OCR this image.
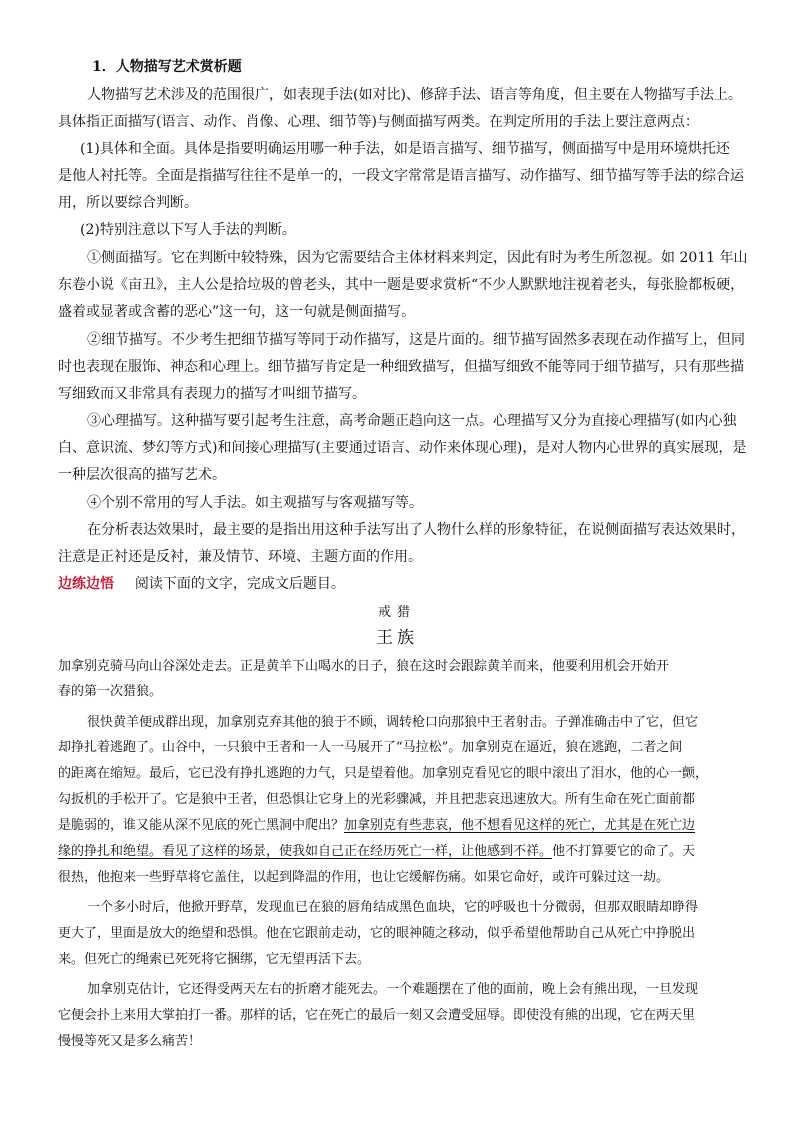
1．人物描写艺术赏析题
人物描写艺术涉及的范围很广，如表现手法(如对比)、修辞手法、语言等角度，但主要在人物描写手法上。
具体指正面描写(语言、动作、肖像、心理、细节等)与侧面描写两类。在判定所用的手法上要注意两点：
(1)具体和全面。具体是指要明确运用哪一种手法，如是语言描写、细节描写，侧面描写中是用环境烘托还
是他人衬托等。全面是指描写往往不是单一的，一段文字常常是语言描写、动作描写、细节描写等手法的综合运
用，所以要综合判断。
(2)特别注意以下写人手法的判断。
①侧面描写。它在判断中较特殊，因为它需要结合主体材料来判定，因此有时为考生所忽视。如 2011 年山
东卷小说《亩丑》，主人公是拾垃圾的曾老头，其中一题是要求赏析“不少人默默地注视着老头，每张脸都板硬，
盛着或显著或含蓄的恶心”这一句，这一句就是侧面描写。
②细节描写。不少考生把细节描写等同于动作描写，这是片面的。细节描写固然多表现在动作描写上，但同
时也表现在服饰、神态和心理上。细节描写肯定是一种细致描写，但描写细致不能等同于细节描写，只有那些描
写细致而又非常具有表现力的描写才叫细节描写。
③心理描写。这种描写要引起考生注意，高考命题正趋向这一点。心理描写又分为直接心理描写(如内心独
白、意识流、梦幻等方式)和间接心理描写(主要通过语言、动作来体现心理)，是对人物内心世界的真实展现，是
一种层次很高的描写艺术。
④个别不常用的写人手法。如主观描写与客观描写等。
在分析表达效果时，最主要的是指出用这种手法写出了人物什么样的形象特征，在说侧面描写表达效果时，
注意是正衬还是反衬，兼及情节、环境、主题方面的作用。
边练边悟 阅读下面的文字，完成文后题目。
戒猎
王族
加拿别克骑马向山谷深处走去。正是黄羊下山喝水的日子，狼在这时会跟踪黄羊而来，他要利用机会开始开
春的第一次猎狼。
很快黄羊便成群出现，加拿别克弃其他的狼于不顾，调转枪口向那狼中王者射击。子弹准确击中了它，但它
却挣扎着逃跑了。山谷中，一只狼中王者和一人一马展开了“马拉松”。加拿别克在逼近，狼在逃跑，二者之间
的距离在缩短。最后，它已没有挣扎逃跑的力气，只是望着他。加拿别克看见它的眼中滚出了泪水，他的心一颤，
勾扳机的手松开了。它是狼中王者，但恐惧让它身上的光彩骤减，并且把悲哀迅速放大。所有生命在死亡面前都
是脆弱的，谁又能从深不见底的死亡黑洞中爬出？加拿别克有些悲哀，他不想看见这样的死亡，尤其是在死亡边
缘的挣扎和绝望。看见了这样的场景，使我如自己正在经历死亡一样，让他感到不祥。他不打算要它的命了。天
很热，他抱来一些野草将它盖住，以起到降温的作用，也让它缓解伤痛。如果它命好，或许可躲过这一劫。
一个多小时后，他掀开野草，发现血已在狼的唇角结成黑色血块，它的呼吸也十分微弱，但那双眼睛却睁得
更大了，里面是放大的绝望和恐惧。他在它跟前走动，它的眼神随之移动，似乎希望他帮助自己从死亡中挣脱出
来。但死亡的绳索已死死将它捆绑，它无望再活下去。
加拿别克估计，它还得受两天左右的折磨才能死去。一个难题摆在了他的面前，晚上会有熊出现，一旦发现
它便会扑上来用大掌拍打一番。那样的话，它在死亡的最后一刻又会遭受屈辱。即使没有熊的出现，它在两天里
慢慢等死又是多么痛苦！
